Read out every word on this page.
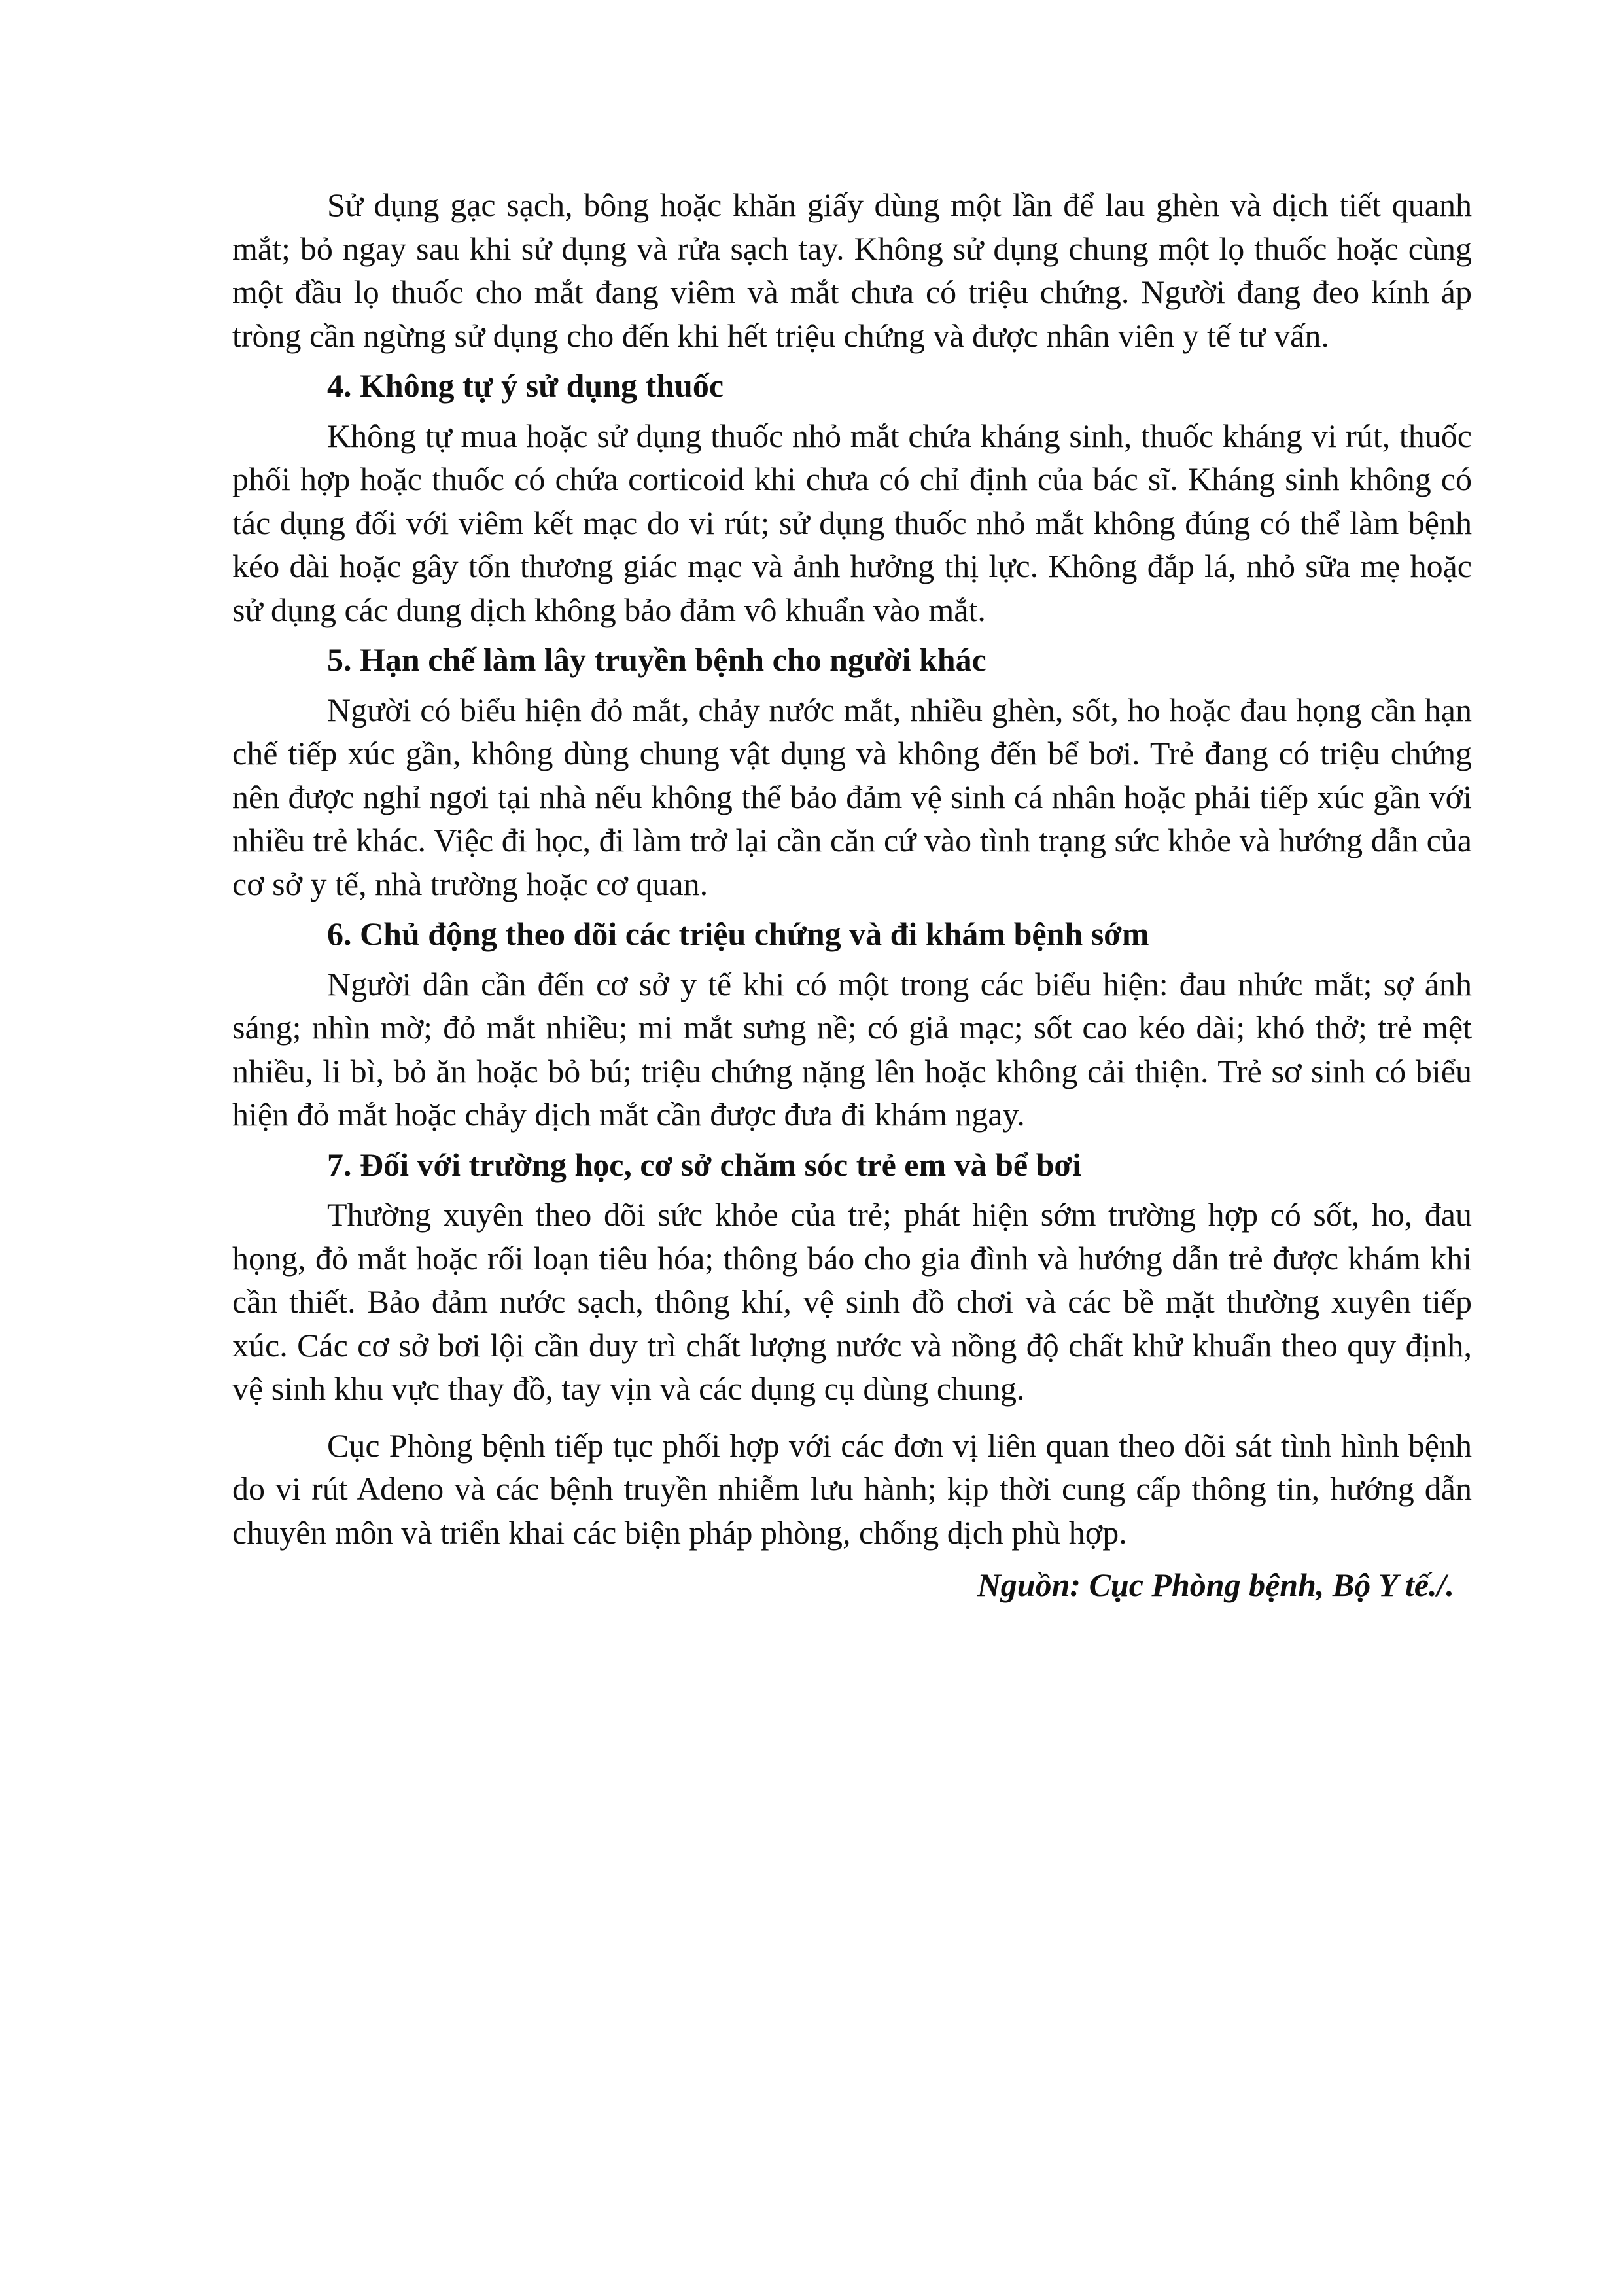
Sử dụng gạc sạch, bông hoặc khăn giấy dùng một lần để lau ghèn và dịch tiết quanh mắt; bỏ ngay sau khi sử dụng và rửa sạch tay. Không sử dụng chung một lọ thuốc hoặc cùng một đầu lọ thuốc cho mắt đang viêm và mắt chưa có triệu chứng. Người đang đeo kính áp tròng cần ngừng sử dụng cho đến khi hết triệu chứng và được nhân viên y tế tư vấn.

4. Không tự ý sử dụng thuốc

Không tự mua hoặc sử dụng thuốc nhỏ mắt chứa kháng sinh, thuốc kháng vi rút, thuốc phối hợp hoặc thuốc có chứa corticoid khi chưa có chỉ định của bác sĩ. Kháng sinh không có tác dụng đối với viêm kết mạc do vi rút; sử dụng thuốc nhỏ mắt không đúng có thể làm bệnh kéo dài hoặc gây tổn thương giác mạc và ảnh hưởng thị lực. Không đắp lá, nhỏ sữa mẹ hoặc sử dụng các dung dịch không bảo đảm vô khuẩn vào mắt.

5. Hạn chế làm lây truyền bệnh cho người khác

Người có biểu hiện đỏ mắt, chảy nước mắt, nhiều ghèn, sốt, ho hoặc đau họng cần hạn chế tiếp xúc gần, không dùng chung vật dụng và không đến bể bơi. Trẻ đang có triệu chứng nên được nghỉ ngơi tại nhà nếu không thể bảo đảm vệ sinh cá nhân hoặc phải tiếp xúc gần với nhiều trẻ khác. Việc đi học, đi làm trở lại cần căn cứ vào tình trạng sức khỏe và hướng dẫn của cơ sở y tế, nhà trường hoặc cơ quan.

6. Chủ động theo dõi các triệu chứng và đi khám bệnh sớm

Người dân cần đến cơ sở y tế khi có một trong các biểu hiện: đau nhức mắt; sợ ánh sáng; nhìn mờ; đỏ mắt nhiều; mi mắt sưng nề; có giả mạc; sốt cao kéo dài; khó thở; trẻ mệt nhiều, li bì, bỏ ăn hoặc bỏ bú; triệu chứng nặng lên hoặc không cải thiện. Trẻ sơ sinh có biểu hiện đỏ mắt hoặc chảy dịch mắt cần được đưa đi khám ngay.

7. Đối với trường học, cơ sở chăm sóc trẻ em và bể bơi

Thường xuyên theo dõi sức khỏe của trẻ; phát hiện sớm trường hợp có sốt, ho, đau họng, đỏ mắt hoặc rối loạn tiêu hóa; thông báo cho gia đình và hướng dẫn trẻ được khám khi cần thiết. Bảo đảm nước sạch, thông khí, vệ sinh đồ chơi và các bề mặt thường xuyên tiếp xúc. Các cơ sở bơi lội cần duy trì chất lượng nước và nồng độ chất khử khuẩn theo quy định, vệ sinh khu vực thay đồ, tay vịn và các dụng cụ dùng chung.

Cục Phòng bệnh tiếp tục phối hợp với các đơn vị liên quan theo dõi sát tình hình bệnh do vi rút Adeno và các bệnh truyền nhiễm lưu hành; kịp thời cung cấp thông tin, hướng dẫn chuyên môn và triển khai các biện pháp phòng, chống dịch phù hợp.

Nguồn: Cục Phòng bệnh, Bộ Y tế./.
